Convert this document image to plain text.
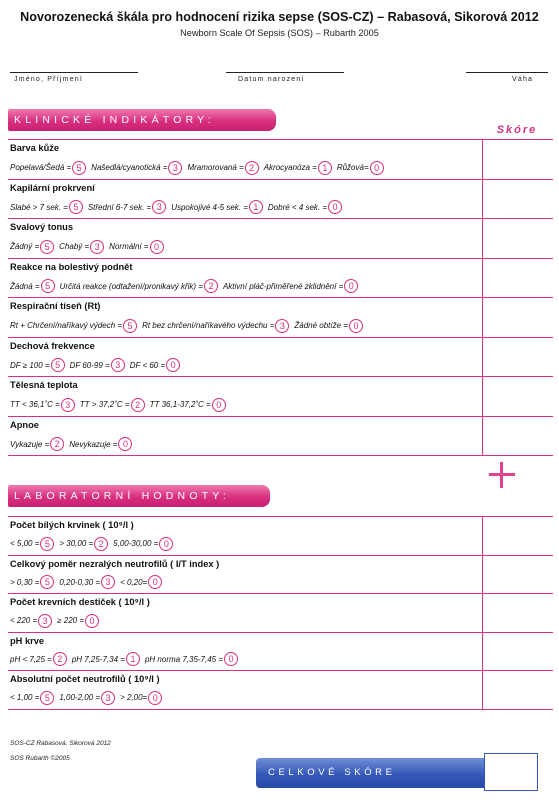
Novorozenecká škála pro hodnocení rizika sepse (SOS-CZ) – Rabasová, Sikorová 2012
Newborn Scale Of Sepsis (SOS) – Rubarth 2005
Jméno, Příjmení	Datum narození	Váha
KLINICKÉ INDIKÁTORY:
Skóre
Barva kůže
Popelavá/Šedá = 5	Našedlá/cyanotická = 3	Mramorovaná = 2	Akrocyanóza = 1	Růžová= 0
Kapilární prokrvení
Slabé > 7 sek. = 5	Střední 6-7 sek. = 3	Uspokojivé 4-5 sek. = 1	Dobré < 4 sek. = 0
Svalový tonus
Žádný = 5	Chabý = 3	Normální = 0
Reakce na bolestivý podnět
Žádná = 5	Určitá reakce (odtažení/pronikavý křik) = 2	Aktivní pláč-přiměřené zklidnění = 0
Respirační tíseň (Rt)
Rt + Chrčení/naříkavý výdech = 5	Rt bez chrčení/naříkavého výdechu = 3	Žádné obtíže = 0
Dechová frekvence
DF ≥ 100 = 5	DF 60-99 = 3	DF < 60 = 0
Tělesná teplota
TT < 36,1˚C = 3	TT > 37,2˚C = 2	TT 36,1-37,2˚C = 0
Apnoe
Vykazuje = 2	Nevykazuje = 0
LABORATORNÍ HODNOTY:
Počet bílých krvinek ( 10⁹/l )
< 5,00 = 5	> 30,00 = 2	5,00-30,00 = 0
Celkový poměr nezralých neutrofilů ( I/T index )
> 0,30 = 5	0,20-0,30 = 3	< 0,20= 0
Počet krevních destiček ( 10⁹/l )
< 220 = 3	≥ 220 = 0
pH krve
pH < 7,25 = 2	pH 7,25-7,34 = 1	pH norma 7,35-7,45 = 0
Absolutní počet neutrofilů ( 10⁹/l )
< 1,00 = 5	1,00-2,00 = 3	> 2,00= 0
SOS-CZ Rabasová, Sikorová 2012
SOS Rubarth ©2005
CELKOVÉ SKÓRE
